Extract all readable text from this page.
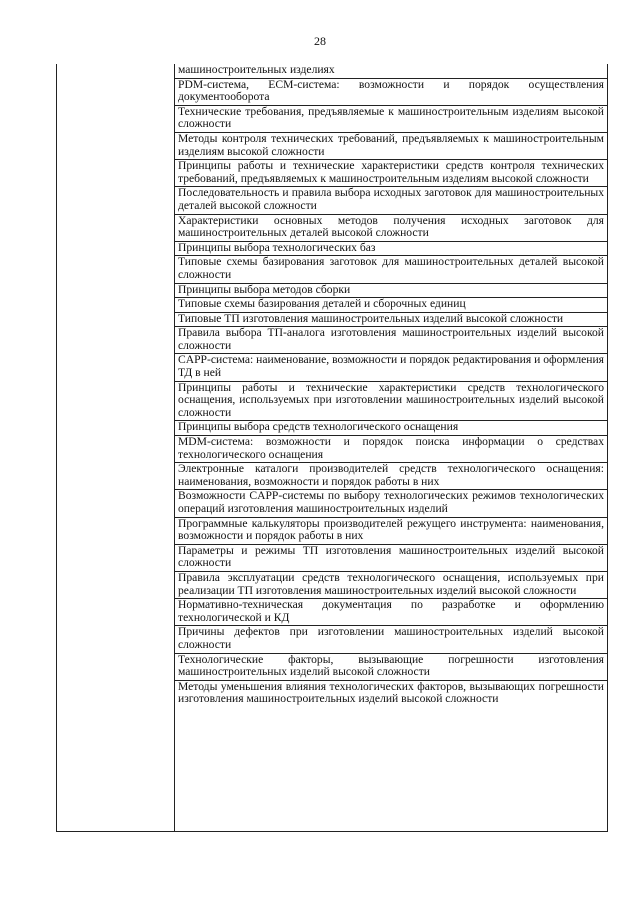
28
машиностроительных изделиях
PDM-система, ECM-система: возможности и порядок осуществления документооборота
Технические требования, предъявляемые к машиностроительным изделиям высокой сложности
Методы контроля технических требований, предъявляемых к машиностроительным изделиям высокой сложности
Принципы работы и технические характеристики средств контроля технических требований, предъявляемых к машиностроительным изделиям высокой сложности
Последовательность и правила выбора исходных заготовок для машиностроительных деталей высокой сложности
Характеристики основных методов получения исходных заготовок для машиностроительных деталей высокой сложности
Принципы выбора технологических баз
Типовые схемы базирования заготовок для машиностроительных деталей высокой сложности
Принципы выбора методов сборки
Типовые схемы базирования деталей и сборочных единиц
Типовые ТП изготовления машиностроительных изделий высокой сложности
Правила выбора ТП-аналога изготовления машиностроительных изделий высокой сложности
CAPP-система: наименование, возможности и порядок редактирования и оформления ТД в ней
Принципы работы и технические характеристики средств технологического оснащения, используемых при изготовлении машиностроительных изделий высокой сложности
Принципы выбора средств технологического оснащения
MDM-система: возможности и порядок поиска информации о средствах технологического оснащения
Электронные каталоги производителей средств технологического оснащения: наименования, возможности и порядок работы в них
Возможности CAPP-системы по выбору технологических режимов технологических операций изготовления машиностроительных изделий
Программные калькуляторы производителей режущего инструмента: наименования, возможности и порядок работы в них
Параметры и режимы ТП изготовления машиностроительных изделий высокой сложности
Правила эксплуатации средств технологического оснащения, используемых при реализации ТП изготовления машиностроительных изделий высокой сложности
Нормативно-техническая документация по разработке и оформлению технологической и КД
Причины дефектов при изготовлении машиностроительных изделий высокой сложности
Технологические факторы, вызывающие погрешности изготовления машиностроительных изделий высокой сложности
Методы уменьшения влияния технологических факторов, вызывающих погрешности изготовления машиностроительных изделий высокой сложности
